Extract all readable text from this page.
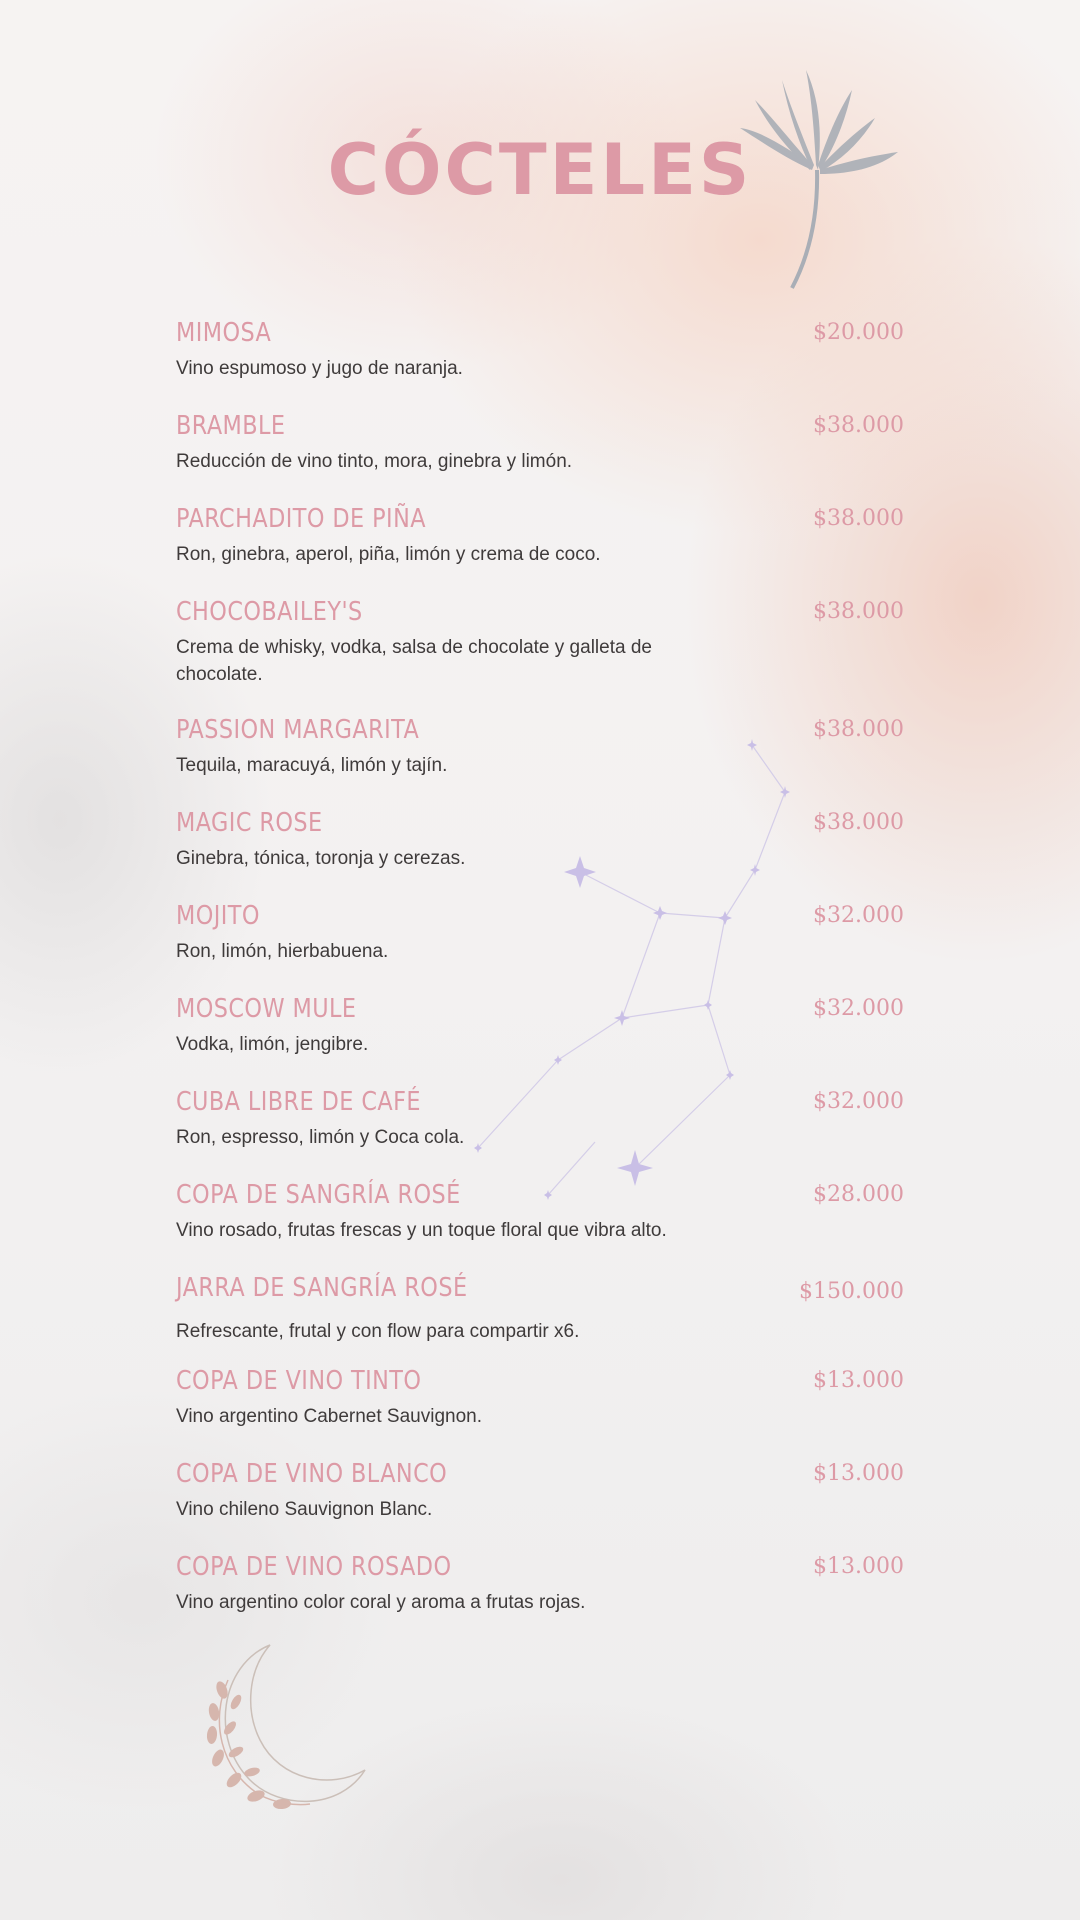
CÓCTELES
MIMOSA	$20.000
Vino espumoso y jugo de naranja.
BRAMBLE	$38.000
Reducción de vino tinto, mora, ginebra y limón.
PARCHADITO DE PIÑA	$38.000
Ron, ginebra, aperol, piña, limón y crema de coco.
CHOCOBAILEY'S	$38.000
Crema de whisky, vodka, salsa de chocolate y galleta de chocolate.
PASSION MARGARITA	$38.000
Tequila, maracuyá, limón y tajín.
MAGIC ROSE	$38.000
Ginebra, tónica, toronja y cerezas.
MOJITO	$32.000
Ron, limón, hierbabuena.
MOSCOW MULE	$32.000
Vodka, limón, jengibre.
CUBA LIBRE DE CAFÉ	$32.000
Ron, espresso, limón y Coca cola.
COPA DE SANGRÍA ROSÉ	$28.000
Vino rosado, frutas frescas y un toque floral que vibra alto.
JARRA DE SANGRÍA ROSÉ	$150.000
Refrescante, frutal y con flow para compartir x6.
COPA DE VINO TINTO	$13.000
Vino argentino Cabernet Sauvignon.
COPA DE VINO BLANCO	$13.000
Vino chileno Sauvignon Blanc.
COPA DE VINO ROSADO	$13.000
Vino argentino color coral y aroma a frutas rojas.
